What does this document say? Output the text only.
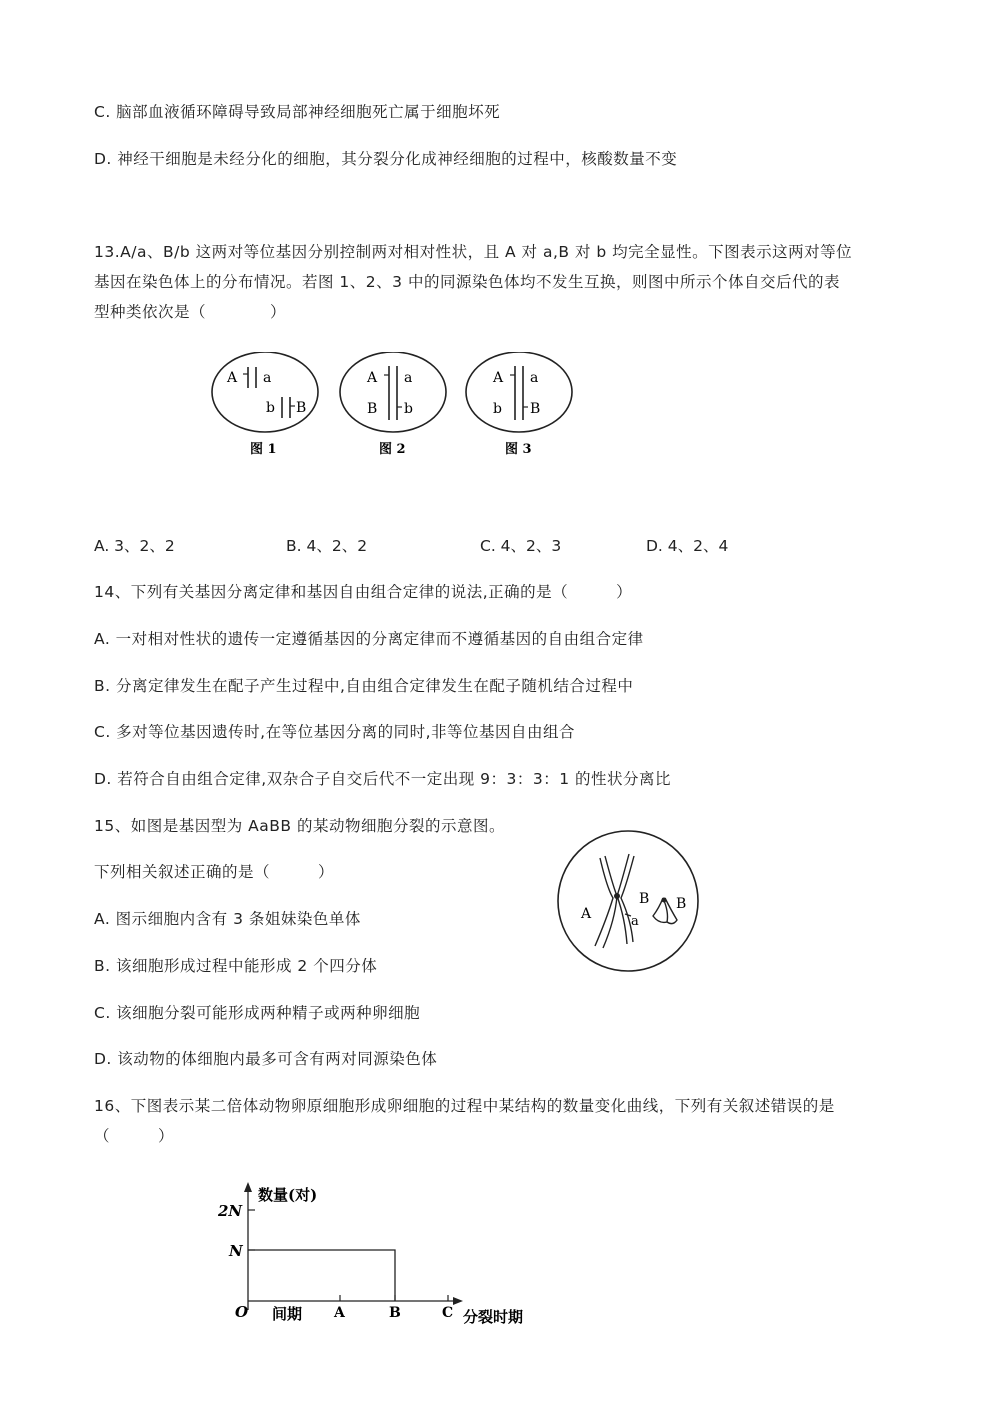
C. 脑部血液循环障碍导致局部神经细胞死亡属于细胞坏死
D. 神经干细胞是未经分化的细胞，其分裂分化成神经细胞的过程中，核酸数量不变
13.A/a、B/b 这两对等位基因分别控制两对相对性状，且 A 对 a,B 对 b 均完全显性。下图表示这两对等位
基因在染色体上的分布情况。若图 1、2、3 中的同源染色体均不发生互换，则图中所示个体自交后代的表
型种类依次是（　　　　）
A a
b B
图 1
A a
B b
图 2
A a
b B
图 3
A. 3、2、2	B. 4、2、2	C. 4、2、3	D. 4、2、4
14、下列有关基因分离定律和基因自由组合定律的说法,正确的是（　　　）
A. 一对相对性状的遗传一定遵循基因的分离定律而不遵循基因的自由组合定律
B. 分离定律发生在配子产生过程中,自由组合定律发生在配子随机结合过程中
C. 多对等位基因遗传时,在等位基因分离的同时,非等位基因自由组合
D. 若符合自由组合定律,双杂合子自交后代不一定出现 9：3：3：1 的性状分离比
15、如图是基因型为 AaBB 的某动物细胞分裂的示意图。
下列相关叙述正确的是（　　　）
A. 图示细胞内含有 3 条姐妹染色单体
B. 该细胞形成过程中能形成 2 个四分体
C. 该细胞分裂可能形成两种精子或两种卵细胞
D. 该动物的体细胞内最多可含有两对同源染色体
A	a
B B
16、下图表示某二倍体动物卵原细胞形成卵细胞的过程中某结构的数量变化曲线，下列有关叙述错误的是
（　　　）
数量(对)
2N
N
O 间期 A	B	C 分裂时期
